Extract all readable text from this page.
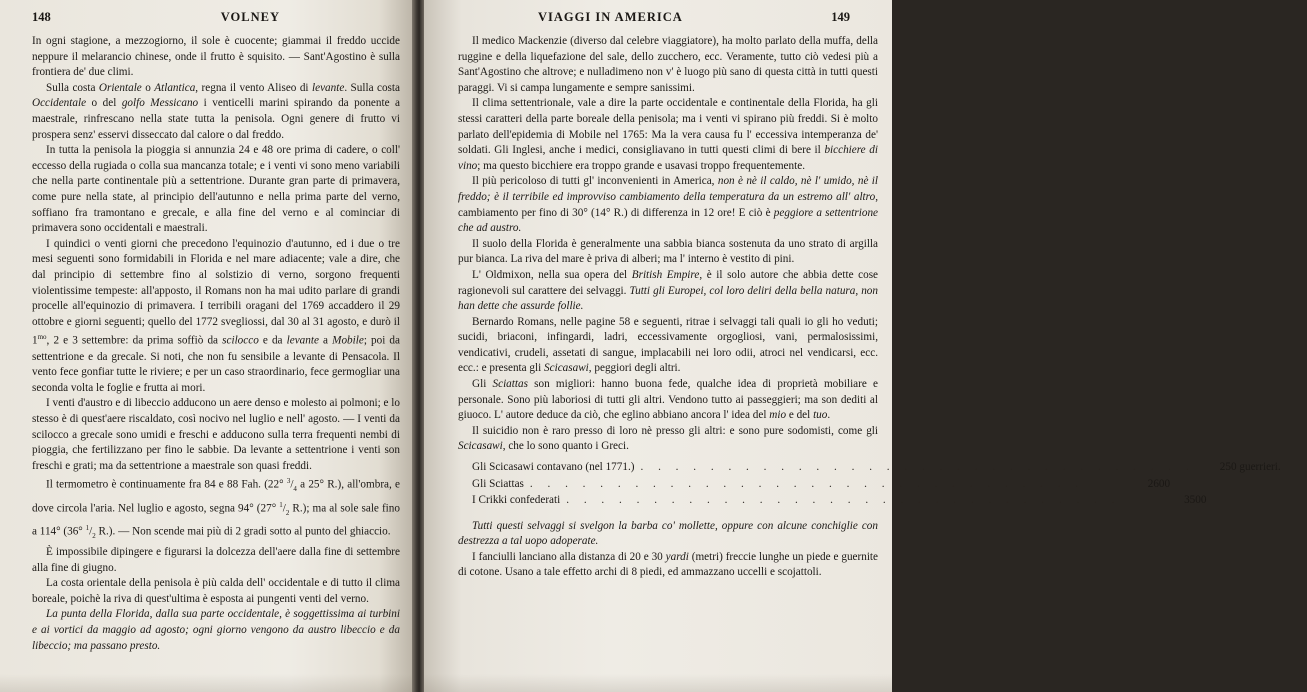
148	VOLNEY

In ogni stagione, a mezzogiorno, il sole è cuocente; giammai il freddo uccide neppure il melarancio chinese, onde il frutto è squisito. — Sant'Agostino è sulla frontiera de' due climi.

Sulla costa Orientale o Atlantica, regna il vento Aliseo di levante. Sulla costa Occidentale o del golfo Messicano i venticelli marini spirando da ponente a maestrale, rinfrescano nella state tutta la penisola. Ogni genere di frutto vi prospera senz' esservi disseccato dal calore o dal freddo.

In tutta la penisola la pioggia si annunzia 24 e 48 ore prima di cadere, o coll' eccesso della rugiada o colla sua mancanza totale; e i venti vi sono meno variabili che nella parte continentale più a settentrione. Durante gran parte di primavera, come pure nella state, al principio dell'autunno e nella prima parte del verno, soffiano fra tramontano e grecale, e alla fine del verno e al cominciar di primavera sono occidentali e maestrali.

I quindici o venti giorni che precedono l'equinozio d'autunno, ed i due o tre mesi seguenti sono formidabili in Florida e nel mare adiacente; vale a dire, che dal principio di settembre fino al solstizio di verno, sorgono frequenti violentissime tempeste: all'apposto, il Romans non ha mai udito parlare di grandi procelle all'equinozio di primavera. I terribili oragani del 1769 accaddero il 29 ottobre e giorni seguenti; quello del 1772 svegliossi, dal 30 al 31 agosto, e durò il $1^{mo}$, 2 e 3 settembre: da prima soffiò da scilocco e da levante a Mobile; poi da settentrione e da grecale. Si noti, che non fu sensibile a levante di Pensacola. Il vento fece gonfiar tutte le riviere; e per un caso straordinario, fece germogliar una seconda volta le foglie e frutta ai mori.

I venti d'austro e di libeccio adducono un aere denso e molesto ai polmoni; e lo stesso è di quest'aere riscaldato, così nocivo nel luglio e nell' agosto. — I venti da scilocco a grecale sono umidi e freschi e adducono sulla terra frequenti nembi di pioggia, che fertilizzano per fino le sabbie. Da levante a settentrione i venti son freschi e grati; ma da settentrione a maestrale son quasi freddi.

Il termometro è continuamente fra 84 e 88 Fah. (22° $^3/_4$ a 25° R.), all'ombra, e dove circola l'aria. Nel luglio e agosto, segna 94° (27° $^1/_2$ R.); ma al sole sale fino a 114° (36° $^1/_2$ R.). — Non scende mai più di 2 gradi sotto al punto del ghiaccio.

È impossibile dipingere e figurarsi la dolcezza dell'aere dalla fine di settembre alla fine di giugno.

La costa orientale della penisola è più calda dell' occidentale e di tutto il clima boreale, poichè la riva di quest'ultima è esposta ai pungenti venti del verno.

La punta della Florida, dalla sua parte occidentale, è soggettissima ai turbini e ai vortici da maggio ad agosto; ogni giorno vengono da austro libeccio e da libeccio; ma passano presto.

VIAGGI IN AMERICA	149

Il medico Mackenzie (diverso dal celebre viaggiatore), ha molto parlato della muffa, della ruggine e della liquefazione del sale, dello zucchero, ecc. Veramente, tutto ciò vedesi più a Sant'Agostino che altrove; e nulladimeno non v' è luogo più sano di questa città in tutti questi paraggi. Vi si campa lungamente e sempre sanissimi.

Il clima settentrionale, vale a dire la parte occidentale e continentale della Florida, ha gli stessi caratteri della parte boreale della penisola; ma i venti vi spirano più freddi. Si è molto parlato dell'epidemia di Mobile nel 1765: Ma la vera causa fu l' eccessiva intemperanza de' soldati. Gli Inglesi, anche i medici, consigliavano in tutti questi climi di bere il bicchiere di vino; ma questo bicchiere era troppo grande e usavasi troppo frequentemente.

Il più pericoloso di tutti gl' inconvenienti in America, non è nè il caldo, nè l' umido, nè il freddo; è il terribile ed improvviso cambiamento della temperatura da un estremo all' altro, cambiamento per fino di 30° (14° R.) di differenza in 12 ore! E ciò è peggiore a settentrione che ad austro.

Il suolo della Florida è generalmente una sabbia bianca sostenuta da uno strato di argilla pur bianca. La riva del mare è priva di alberi; ma l' interno è vestito di pini.

L' Oldmixon, nella sua opera del British Empire, è il solo autore che abbia dette cose ragionevoli sul carattere dei selvaggi. Tutti gli Europei, col loro deliri della bella natura, non han dette che assurde follie.

Bernardo Romans, nelle pagine 58 e seguenti, ritrae i selvaggi tali quali io gli ho veduti; sucidi, briaconi, infingardi, ladri, eccessivamente orgogliosi, vani, permalosissimi, vendicativi, crudeli, assetati di sangue, implacabili nei loro odii, atroci nel vendicarsi, ecc. ecc.: e presenta gli Scicasawi, peggiori degli altri.

Gli Sciattas son migliori: hanno buona fede, qualche idea di proprietà mobiliare e personale. Sono più laboriosi di tutti gli altri. Vendono tutto ai passeggieri; ma son dediti al giuoco. L' autore deduce da ciò, che eglino abbiano ancora l' idea del mio e del tuo.

Il suicidio non è raro presso di loro nè presso gli altri: e sono pure sodomisti, come gli Scicasawi, che lo sono quanto i Greci.

Gli Scicasawi contavano (nel 1771.) . . . . . . . . . . . . . . . . . . . . . . . . . . . . . . . .	250 guerrieri.
Gli Sciattas . . . . . . . . . . . . . . . . . . . . . . . . . . . . . . . .	2600
I Crikki confederati . . . . . . . . . . . . . . . . . . . . . . . . . . . . . . . .	3500

Tutti questi selvaggi si svelgon la barba co' mollette, oppure con alcune conchiglie con destrezza a tal uopo adoperate.

I fanciulli lanciano alla distanza di 20 e 30 yardi (metri) freccie lunghe un piede e guernite di cotone. Usano a tale effetto archi di 8 piedi, ed ammazzano uccelli e scojattoli.
